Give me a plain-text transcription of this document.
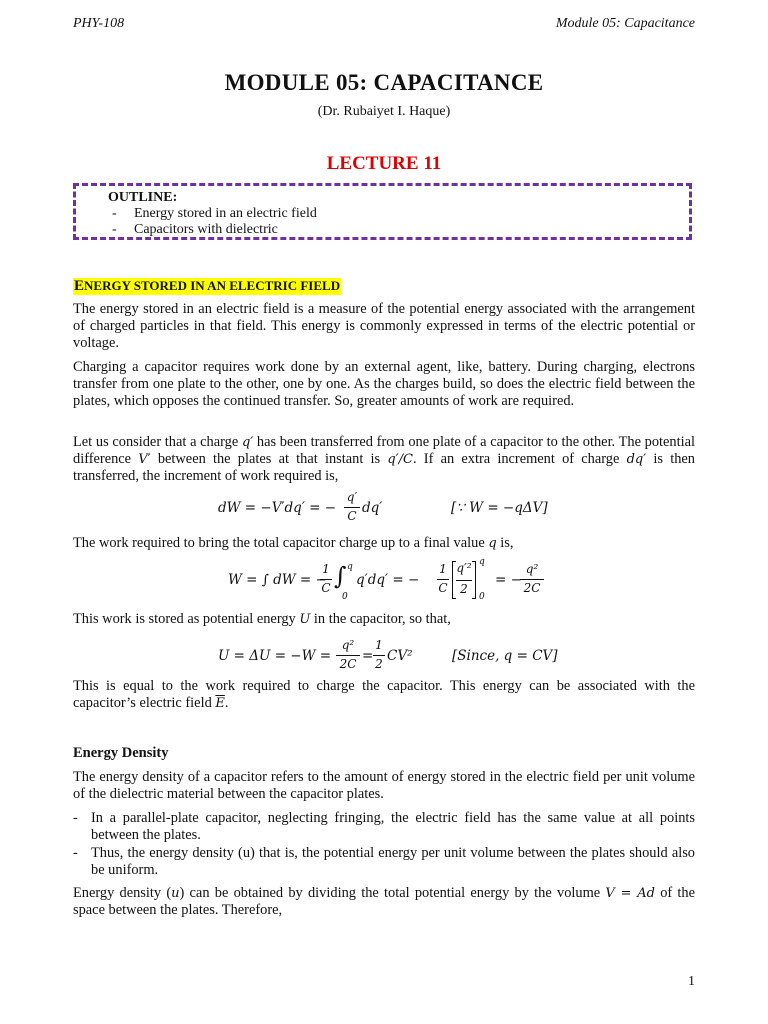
PHY-108	Module 05: Capacitance
MODULE 05: CAPACITANCE
(Dr. Rubaiyet I. Haque)
LECTURE 11
OUTLINE:
- Energy stored in an electric field
- Capacitors with dielectric
ENERGY STORED IN AN ELECTRIC FIELD
The energy stored in an electric field is a measure of the potential energy associated with the arrangement of charged particles in that field. This energy is commonly expressed in terms of the electric potential or voltage.
Charging a capacitor requires work done by an external agent, like, battery. During charging, electrons transfer from one plate to the other, one by one. As the charges build, so does the electric field between the plates, which opposes the continued transfer. So, greater amounts of work are required.
Let us consider that a charge q′ has been transferred from one plate of a capacitor to the other. The potential difference V′ between the plates at that instant is q′/C. If an extra increment of charge dq′ is then transferred, the increment of work required is,
dW = −V′dq′ = −
q′
C dq′	[∵ W = −qΔV]
The work required to bring the total capacitor charge up to a final value q is,
W = ∫ dW = −
1
C ∫ q
0
q′dq′ = −
1
C
q′²
2
q
0
= −
q²
2C
This work is stored as potential energy U in the capacitor, so that,
U = ΔU = −W =
q²
2C =
1
2 CV²	[Since, q = CV]
This is equal to the work required to charge the capacitor. This energy can be associated with the capacitor’s electric field $\overline{E}$.
Energy Density
The energy density of a capacitor refers to the amount of energy stored in the electric field per unit volume of the dielectric material between the capacitor plates.
- In a parallel-plate capacitor, neglecting fringing, the electric field has the same value at all points between the plates.
- Thus, the energy density (u) that is, the potential energy per unit volume between the plates should also be uniform.
Energy density (u) can be obtained by dividing the total potential energy by the volume V = Ad of the space between the plates. Therefore,
1
